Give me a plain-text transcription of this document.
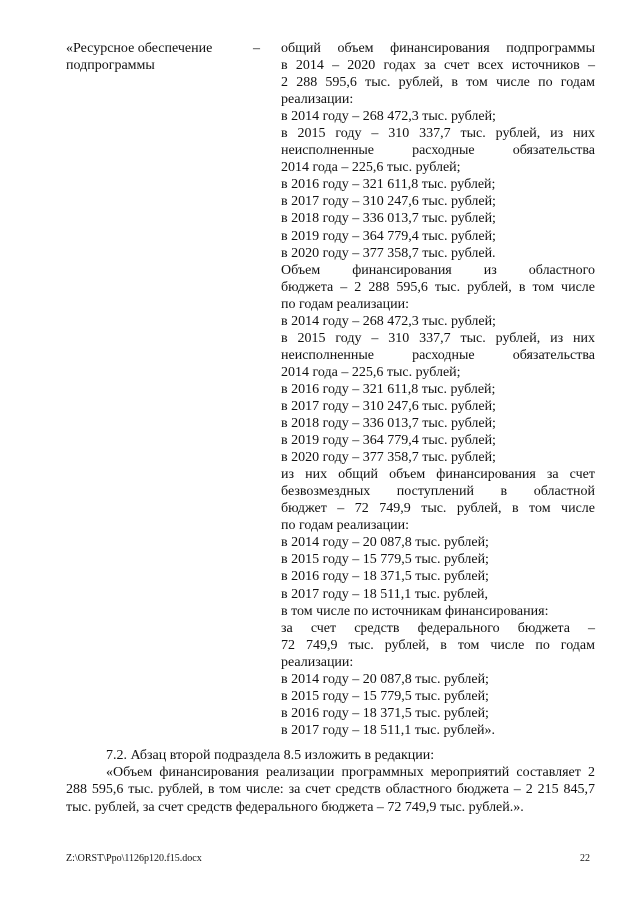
«Ресурсное обеспечение подпрограммы
– общий объем финансирования подпрограммы
в 2014 – 2020 годах за счет всех источников –
2 288 595,6 тыс. рублей, в том числе по годам
реализации:
в 2014 году – 268 472,3 тыс. рублей;
в 2015 году – 310 337,7 тыс. рублей, из них
неисполненные расходные обязательства
2014 года – 225,6 тыс. рублей;
в 2016 году – 321 611,8 тыс. рублей;
в 2017 году – 310 247,6 тыс. рублей;
в 2018 году – 336 013,7 тыс. рублей;
в 2019 году – 364 779,4 тыс. рублей;
в 2020 году – 377 358,7 тыс. рублей.
Объем финансирования из областного
бюджета – 2 288 595,6 тыс. рублей, в том числе
по годам реализации:
в 2014 году – 268 472,3 тыс. рублей;
в 2015 году – 310 337,7 тыс. рублей, из них
неисполненные расходные обязательства
2014 года – 225,6 тыс. рублей;
в 2016 году – 321 611,8 тыс. рублей;
в 2017 году – 310 247,6 тыс. рублей;
в 2018 году – 336 013,7 тыс. рублей;
в 2019 году – 364 779,4 тыс. рублей;
в 2020 году – 377 358,7 тыс. рублей;
из них общий объем финансирования за счет
безвозмездных поступлений в областной
бюджет – 72 749,9 тыс. рублей, в том числе
по годам реализации:
в 2014 году – 20 087,8 тыс. рублей;
в 2015 году – 15 779,5 тыс. рублей;
в 2016 году – 18 371,5 тыс. рублей;
в 2017 году – 18 511,1 тыс. рублей,
в том числе по источникам финансирования:
за счет средств федерального бюджета –
72 749,9 тыс. рублей, в том числе по годам
реализации:
в 2014 году – 20 087,8 тыс. рублей;
в 2015 году – 15 779,5 тыс. рублей;
в 2016 году – 18 371,5 тыс. рублей;
в 2017 году – 18 511,1 тыс. рублей».
7.2. Абзац второй подраздела 8.5 изложить в редакции:
«Объем финансирования реализации программных мероприятий составляет 2 288 595,6 тыс. рублей, в том числе: за счет средств областного бюджета – 2 215 845,7 тыс. рублей, за счет средств федерального бюджета – 72 749,9 тыс. рублей.».
Z:\ORST\Ppo\1126p120.f15.docx	22
